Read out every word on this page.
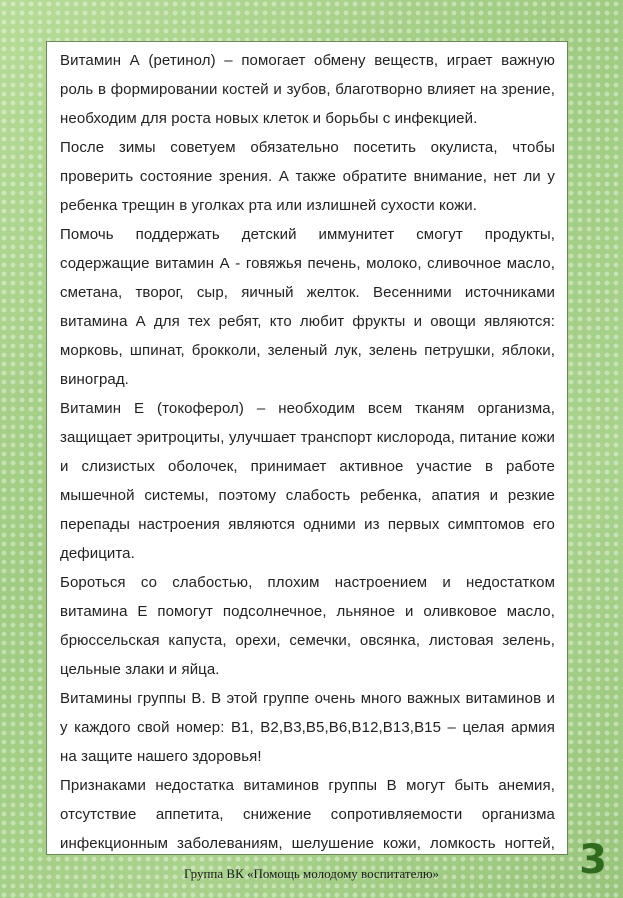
Витамин А (ретинол) – помогает обмену веществ, играет важную роль в формировании костей и зубов, благотворно влияет на зрение, необходим для роста новых клеток и борьбы с инфекцией.

После зимы советуем обязательно посетить окулиста, чтобы проверить состояние зрения. А также обратите внимание, нет ли у ребенка трещин в уголках рта или излишней сухости кожи.

Помочь поддержать детский иммунитет смогут продукты, содержащие витамин А - говяжья печень, молоко, сливочное масло, сметана, творог, сыр, яичный желток. Весенними источниками витамина А для тех ребят, кто любит фрукты и овощи являются: морковь, шпинат, брокколи, зеленый лук, зелень петрушки, яблоки, виноград.

Витамин Е (токоферол) – необходим всем тканям организма, защищает эритроциты, улучшает транспорт кислорода, питание кожи и слизистых оболочек, принимает активное участие в работе мышечной системы, поэтому слабость ребенка, апатия и резкие перепады настроения являются одними из первых симптомов его дефицита.

Бороться со слабостью, плохим настроением и недостатком витамина Е помогут подсолнечное, льняное и оливковое масло, брюссельская капуста, орехи, семечки, овсянка, листовая зелень, цельные злаки и яйца.

Витамины группы В. В этой группе очень много важных витаминов и у каждого свой номер: В1, В2,В3,В5,В6,В12,В13,В15 – целая армия на защите нашего здоровья!

Признаками недостатка витаминов группы В могут быть анемия, отсутствие аппетита, снижение сопротивляемости организма инфекционным заболеваниям, шелушение кожи, ломкость ногтей,

Группа ВК «Помощь молодому воспитателю»	3
